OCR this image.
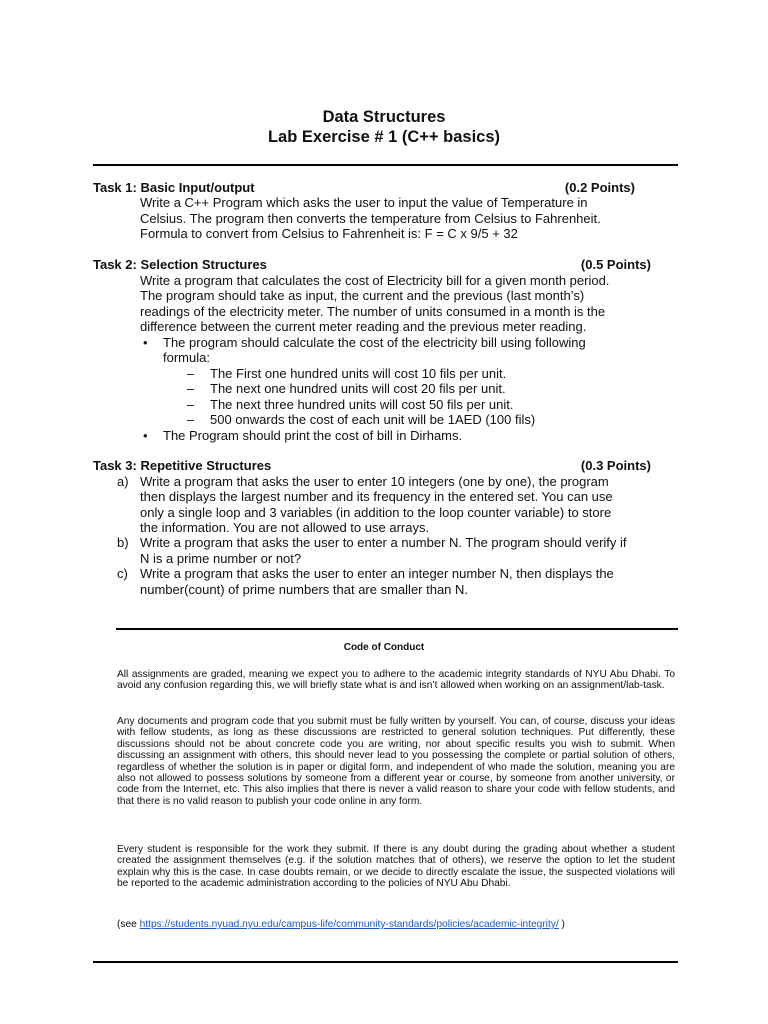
Data Structures
Lab Exercise # 1 (C++ basics)
Task 1: Basic Input/output	(0.2 Points)
Write a C++ Program which asks the user to input the value of Temperature in
Celsius. The program then converts the temperature from Celsius to Fahrenheit.
Formula to convert from Celsius to Fahrenheit is: F = C x 9/5 + 32
Task 2: Selection Structures	(0.5 Points)
Write a program that calculates the cost of Electricity bill for a given month period.
The program should take as input, the current and the previous (last month’s)
readings of the electricity meter. The number of units consumed in a month is the
difference between the current meter reading and the previous meter reading.
• The program should calculate the cost of the electricity bill using following
formula:
– The First one hundred units will cost 10 fils per unit.
– The next one hundred units will cost 20 fils per unit.
– The next three hundred units will cost 50 fils per unit.
– 500 onwards the cost of each unit will be 1AED (100 fils)
• The Program should print the cost of bill in Dirhams.
Task 3: Repetitive Structures	(0.3 Points)
a) Write a program that asks the user to enter 10 integers (one by one), the program
then displays the largest number and its frequency in the entered set. You can use
only a single loop and 3 variables (in addition to the loop counter variable) to store
the information. You are not allowed to use arrays.
b) Write a program that asks the user to enter a number N. The program should verify if
N is a prime number or not?
c) Write a program that asks the user to enter an integer number N, then displays the
number(count) of prime numbers that are smaller than N.
Code of Conduct
All assignments are graded, meaning we expect you to adhere to the academic integrity standards of NYU Abu Dhabi. To avoid any confusion regarding this, we will briefly state what is and isn’t allowed when working on an assignment/lab-task.
Any documents and program code that you submit must be fully written by yourself. You can, of course, discuss your ideas with fellow students, as long as these discussions are restricted to general solution techniques. Put differently, these discussions should not be about concrete code you are writing, nor about specific results you wish to submit. When discussing an assignment with others, this should never lead to you possessing the complete or partial solution of others, regardless of whether the solution is in paper or digital form, and independent of who made the solution, meaning you are also not allowed to possess solutions by someone from a different year or course, by someone from another university, or code from the Internet, etc. This also implies that there is never a valid reason to share your code with fellow students, and that there is no valid reason to publish your code online in any form.
Every student is responsible for the work they submit. If there is any doubt during the grading about whether a student created the assignment themselves (e.g. if the solution matches that of others), we reserve the option to let the student explain why this is the case. In case doubts remain, or we decide to directly escalate the issue, the suspected violations will be reported to the academic administration according to the policies of NYU Abu Dhabi.
(see https://students.nyuad.nyu.edu/campus-life/community-standards/policies/academic-integrity/ )
